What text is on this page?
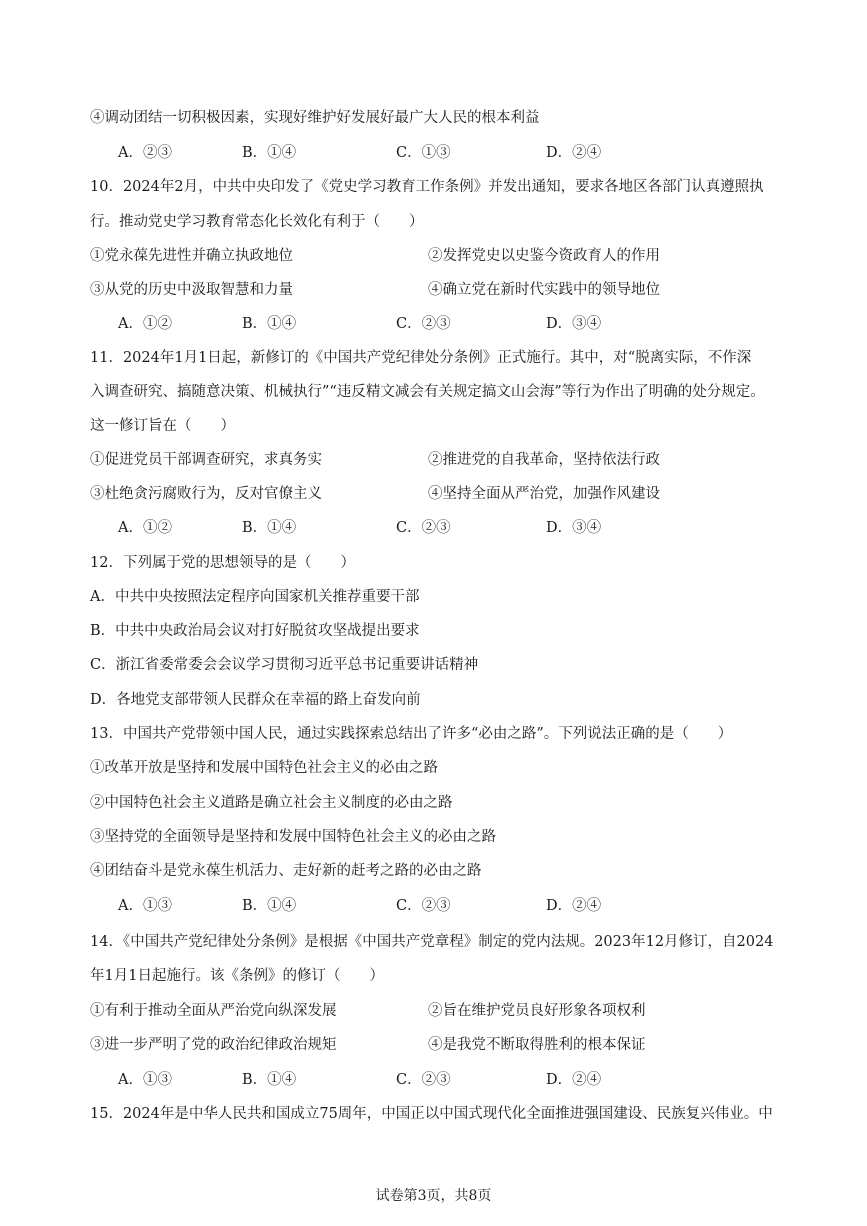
④调动团结一切积极因素，实现好维护好发展好最广大人民的根本利益
A．②③	B．①④	C．①③	D．②④
10．2024年2月，中共中央印发了《党史学习教育工作条例》并发出通知，要求各地区各部门认真遵照执
行。推动党史学习教育常态化长效化有利于（　　）
①党永葆先进性并确立执政地位	②发挥党史以史鉴今资政育人的作用
③从党的历史中汲取智慧和力量	④确立党在新时代实践中的领导地位
A．①②	B．①④	C．②③	D．③④
11．2024年1月1日起，新修订的《中国共产党纪律处分条例》正式施行。其中，对“脱离实际，不作深
入调查研究、搞随意决策、机械执行”“违反精文减会有关规定搞文山会海”等行为作出了明确的处分规定。
这一修订旨在（　　）
①促进党员干部调查研究，求真务实	②推进党的自我革命，坚持依法行政
③杜绝贪污腐败行为，反对官僚主义	④坚持全面从严治党，加强作风建设
A．①②	B．①④	C．②③	D．③④
12．下列属于党的思想领导的是（　　）
A．中共中央按照法定程序向国家机关推荐重要干部
B．中共中央政治局会议对打好脱贫攻坚战提出要求
C．浙江省委常委会会议学习贯彻习近平总书记重要讲话精神
D．各地党支部带领人民群众在幸福的路上奋发向前
13．中国共产党带领中国人民，通过实践探索总结出了许多“必由之路”。下列说法正确的是（　　）
①改革开放是坚持和发展中国特色社会主义的必由之路
②中国特色社会主义道路是确立社会主义制度的必由之路
③坚持党的全面领导是坚持和发展中国特色社会主义的必由之路
④团结奋斗是党永葆生机活力、走好新的赶考之路的必由之路
A．①③	B．①④	C．②③	D．②④
14．《中国共产党纪律处分条例》是根据《中国共产党章程》制定的党内法规。2023年12月修订，自2024
年1月1日起施行。该《条例》的修订（　　）
①有利于推动全面从严治党向纵深发展	②旨在维护党员良好形象各项权利
③进一步严明了党的政治纪律政治规矩	④是我党不断取得胜利的根本保证
A．①③	B．①④	C．②③	D．②④
15．2024年是中华人民共和国成立75周年，中国正以中国式现代化全面推进强国建设、民族复兴伟业。中
试卷第3页，共8页
